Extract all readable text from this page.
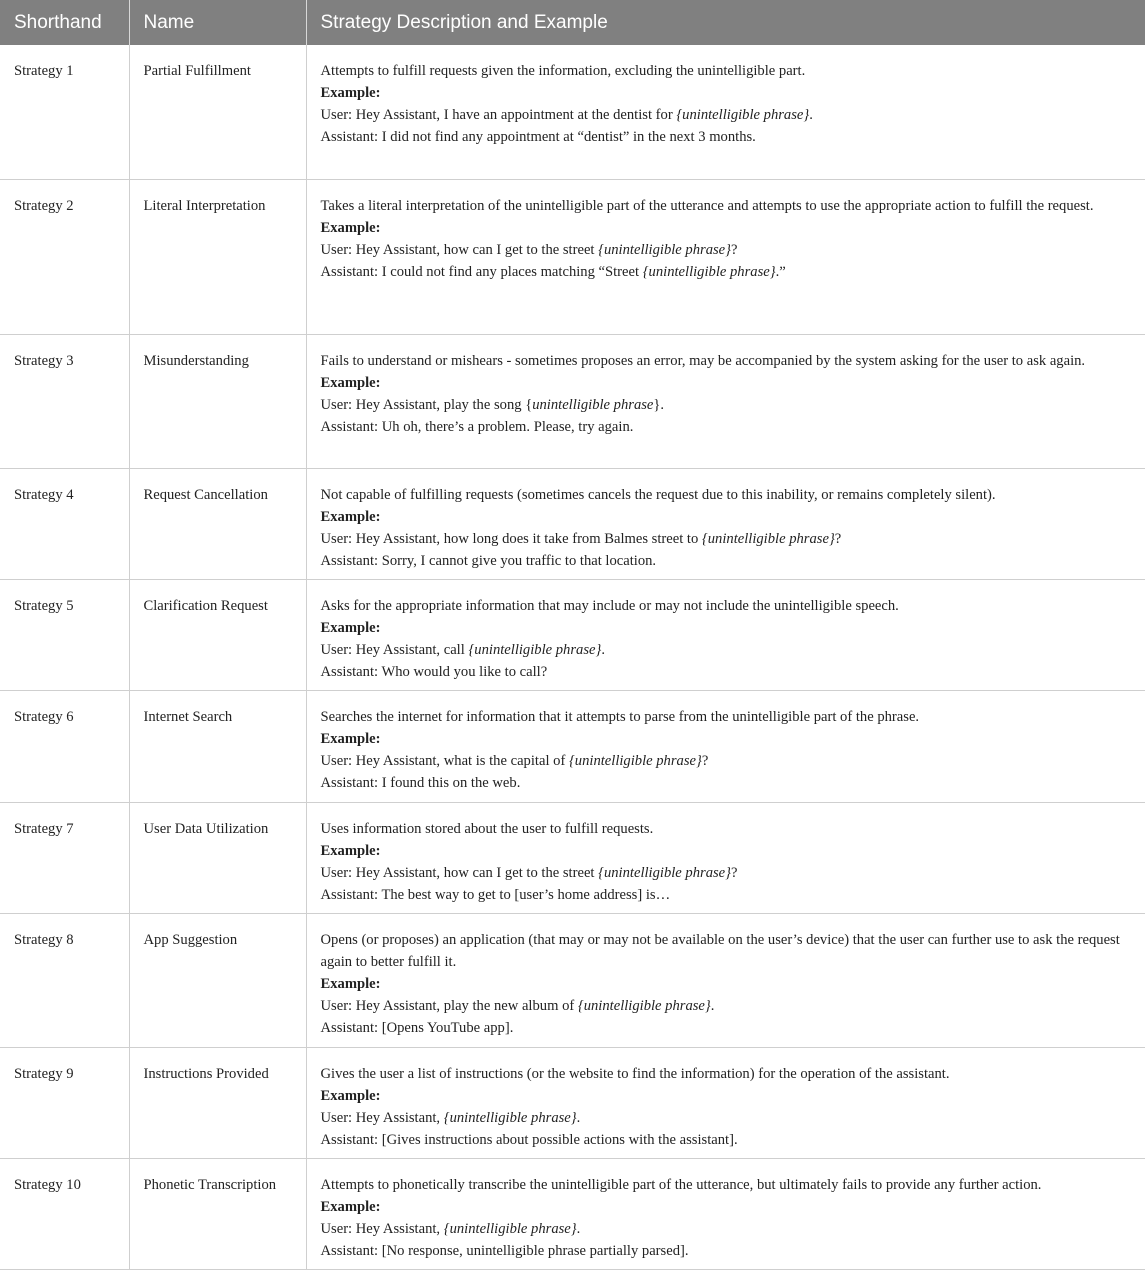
Shorthand	Name	Strategy Description and Example
Strategy 1	Partial Fulfillment	Attempts to fulfill requests given the information, excluding the unintelligible part.
Example:
User: Hey Assistant, I have an appointment at the dentist for {unintelligible phrase}.
Assistant: I did not find any appointment at “dentist” in the next 3 months.

Strategy 2	Literal Interpretation	Takes a literal interpretation of the unintelligible part of the utterance and attempts to use the appropriate action to fulfill the request.
Example:
User: Hey Assistant, how can I get to the street {unintelligible phrase}?
Assistant: I could not find any places matching “Street {unintelligible phrase}.”

Strategy 3	Misunderstanding	Fails to understand or mishears - sometimes proposes an error, may be accompanied by the system asking for the user to ask again.
Example:
User: Hey Assistant, play the song {unintelligible phrase}.
Assistant: Uh oh, there’s a problem. Please, try again.

Strategy 4	Request Cancellation	Not capable of fulfilling requests (sometimes cancels the request due to this inability, or remains completely silent).
Example:
User: Hey Assistant, how long does it take from Balmes street to {unintelligible phrase}?
Assistant: Sorry, I cannot give you traffic to that location.

Strategy 5	Clarification Request	Asks for the appropriate information that may include or may not include the unintelligible speech.
Example:
User: Hey Assistant, call {unintelligible phrase}.
Assistant: Who would you like to call?

Strategy 6	Internet Search	Searches the internet for information that it attempts to parse from the unintelligible part of the phrase.
Example:
User: Hey Assistant, what is the capital of {unintelligible phrase}?
Assistant: I found this on the web.

Strategy 7	User Data Utilization	Uses information stored about the user to fulfill requests.
Example:
User: Hey Assistant, how can I get to the street {unintelligible phrase}?
Assistant: The best way to get to [user’s home address] is…

Strategy 8	App Suggestion	Opens (or proposes) an application (that may or may not be available on the user’s device) that the user can further use to ask the request again to better fulfill it.
Example:
User: Hey Assistant, play the new album of {unintelligible phrase}.
Assistant: [Opens YouTube app].

Strategy 9	Instructions Provided	Gives the user a list of instructions (or the website to find the information) for the operation of the assistant.
Example:
User: Hey Assistant, {unintelligible phrase}.
Assistant: [Gives instructions about possible actions with the assistant].

Strategy 10	Phonetic Transcription	Attempts to phonetically transcribe the unintelligible part of the utterance, but ultimately fails to provide any further action.
Example:
User: Hey Assistant, {unintelligible phrase}.
Assistant: [No response, unintelligible phrase partially parsed].
